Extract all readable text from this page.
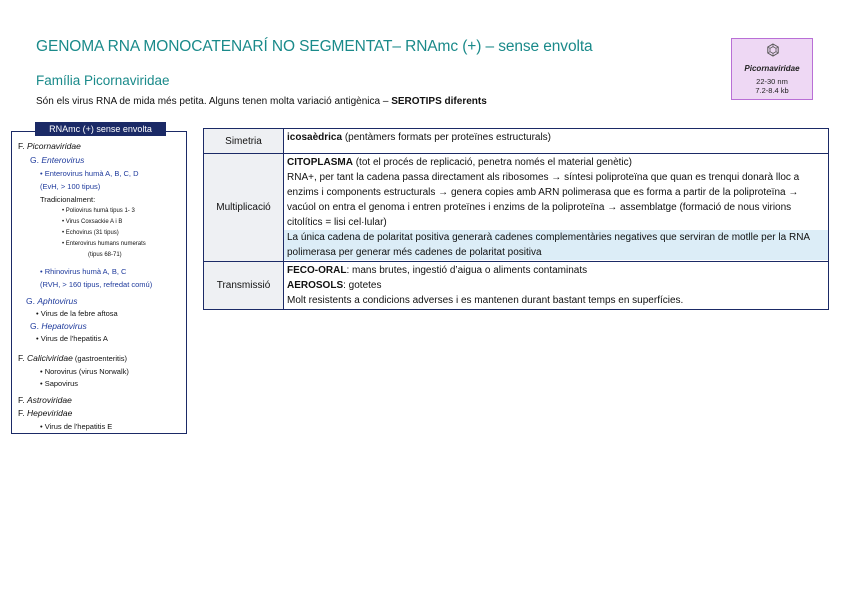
GENOMA RNA MONOCATENARÍ NO SEGMENTAT– RNAmc (+) – sense envolta
Família Picornaviridae
Són els virus RNA de mida més petita. Alguns tenen molta variació antigènica – SEROTIPS diferents
Picornaviridae
22-30 nm
7.2-8.4 kb
RNAmc (+) sense envolta
F. Picornaviridae
G. Enterovirus
• Enterovirus humà A, B, C, D
(EvH, > 100 tipus)
Tradicionalment:
• Poliovirus humà tipus 1- 3
• Virus Coxsackie A i B
• Echovirus (31 tipus)
• Enterovirus humans numerats
(tipus 68-71)
• Rhinovirus humà A, B, C
(RVH, > 160 tipus, refredat comú)
G. Aphtovirus
• Virus de la febre aftosa
G. Hepatovirus
• Virus de l'hepatitis A
F. Caliciviridae (gastroenteritis)
• Norovirus (virus Norwalk)
• Sapovirus
F. Astroviridae
F. Hepeviridae
• Virus de l'hepatitis E
Simetria	icosaèdrica (pentàmers formats per proteïnes estructurals)
Multiplicació	CITOPLASMA (tot el procés de replicació, penetra només el material genètic)
RNA+, per tant la cadena passa directament als ribosomes → síntesi poliproteïna que quan es trenqui donarà lloc a enzims i components estructurals → genera copies amb ARN polimerasa que es forma a partir de la poliproteïna → vacúol on entra el genoma i entren proteïnes i enzims de la poliproteïna → assemblatge (formació de nous virions citolítics = lisi cel·lular)
La única cadena de polaritat positiva generarà cadenes complementàries negatives que serviran de motlle per la RNA polimerasa per generar més cadenes de polaritat positiva

Transmissió	FECO-ORAL: mans brutes, ingestió d’aigua o aliments contaminats
AEROSOLS: gotetes
Molt resistents a condicions adverses i es mantenen durant bastant temps en superfícies.
